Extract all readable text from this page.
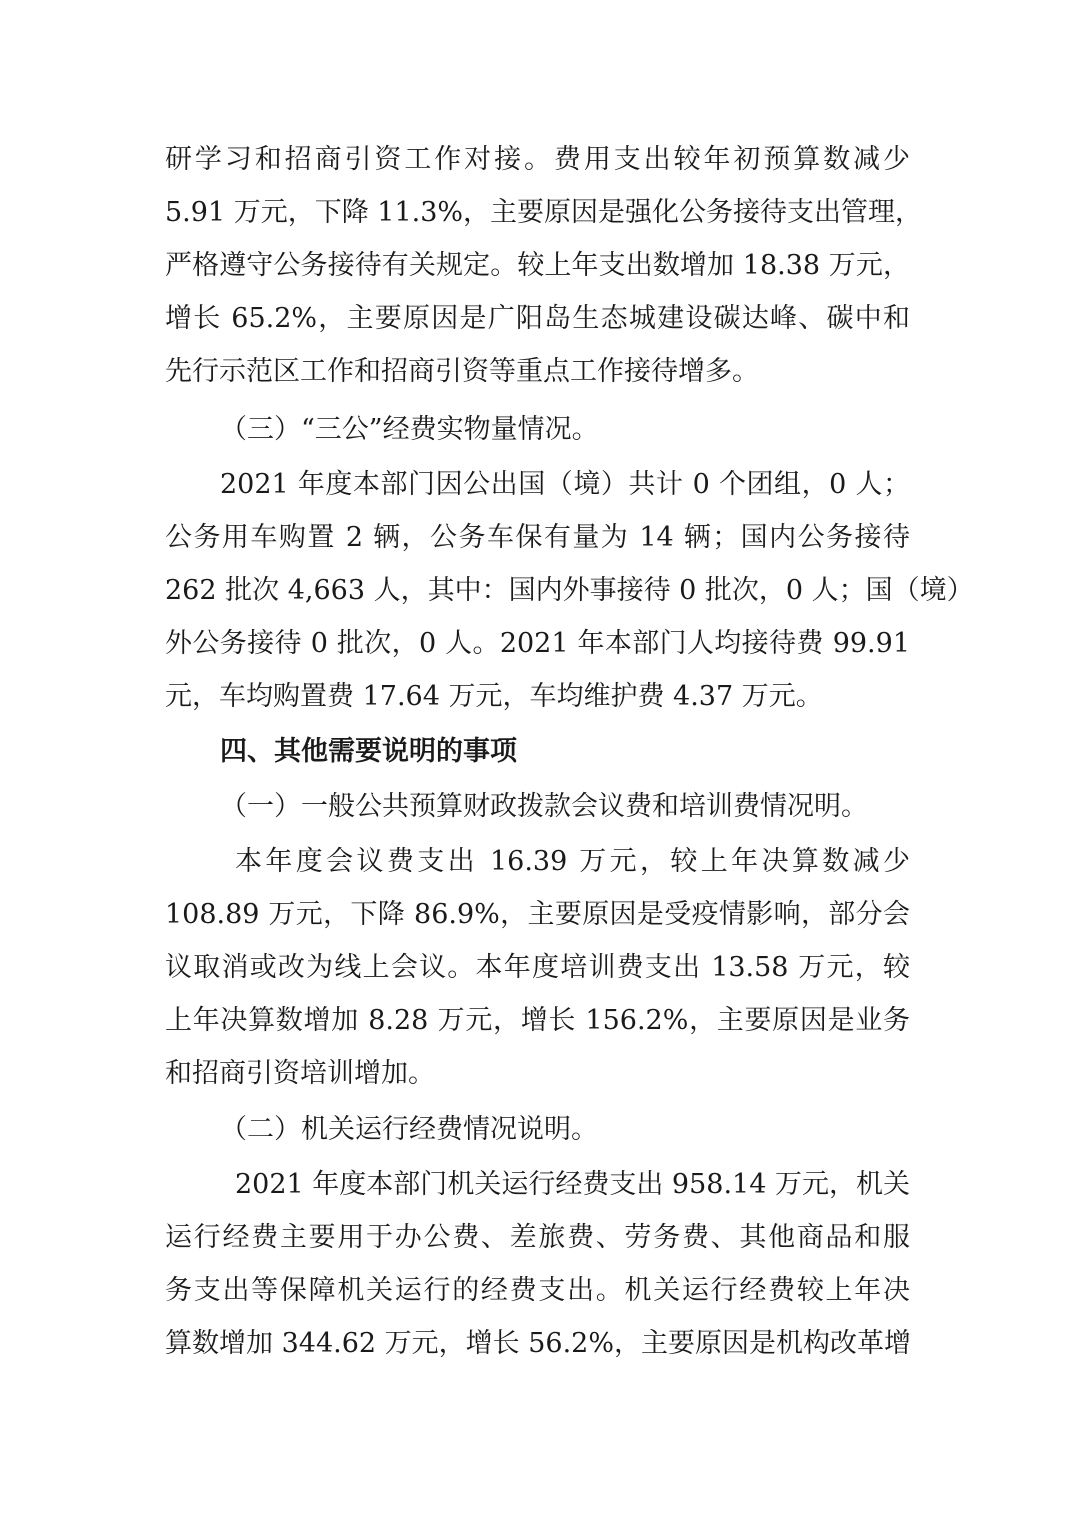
研学习和招商引资工作对接。费用支出较年初预算数减少
5.91 万元，下降 11.3%，主要原因是强化公务接待支出管理，
严格遵守公务接待有关规定。较上年支出数增加 18.38 万元，
增长 65.2%，主要原因是广阳岛生态城建设碳达峰、碳中和
先行示范区工作和招商引资等重点工作接待增多。
（三）“三公”经费实物量情况。
2021 年度本部门因公出国（境）共计 0 个团组，0 人；
公务用车购置 2 辆，公务车保有量为 14 辆；国内公务接待
262 批次 4,663 人，其中：国内外事接待 0 批次，0 人；国（境）
外公务接待 0 批次，0 人。2021 年本部门人均接待费 99.91
元，车均购置费 17.64 万元，车均维护费 4.37 万元。
四、其他需要说明的事项
（一）一般公共预算财政拨款会议费和培训费情况明。
本年度会议费支出 16.39 万元，较上年决算数减少
108.89 万元，下降 86.9%，主要原因是受疫情影响，部分会
议取消或改为线上会议。本年度培训费支出 13.58 万元，较
上年决算数增加 8.28 万元，增长 156.2%，主要原因是业务
和招商引资培训增加。
（二）机关运行经费情况说明。
2021 年度本部门机关运行经费支出 958.14 万元，机关
运行经费主要用于办公费、差旅费、劳务费、其他商品和服
务支出等保障机关运行的经费支出。机关运行经费较上年决
算数增加 344.62 万元，增长 56.2%，主要原因是机构改革增
